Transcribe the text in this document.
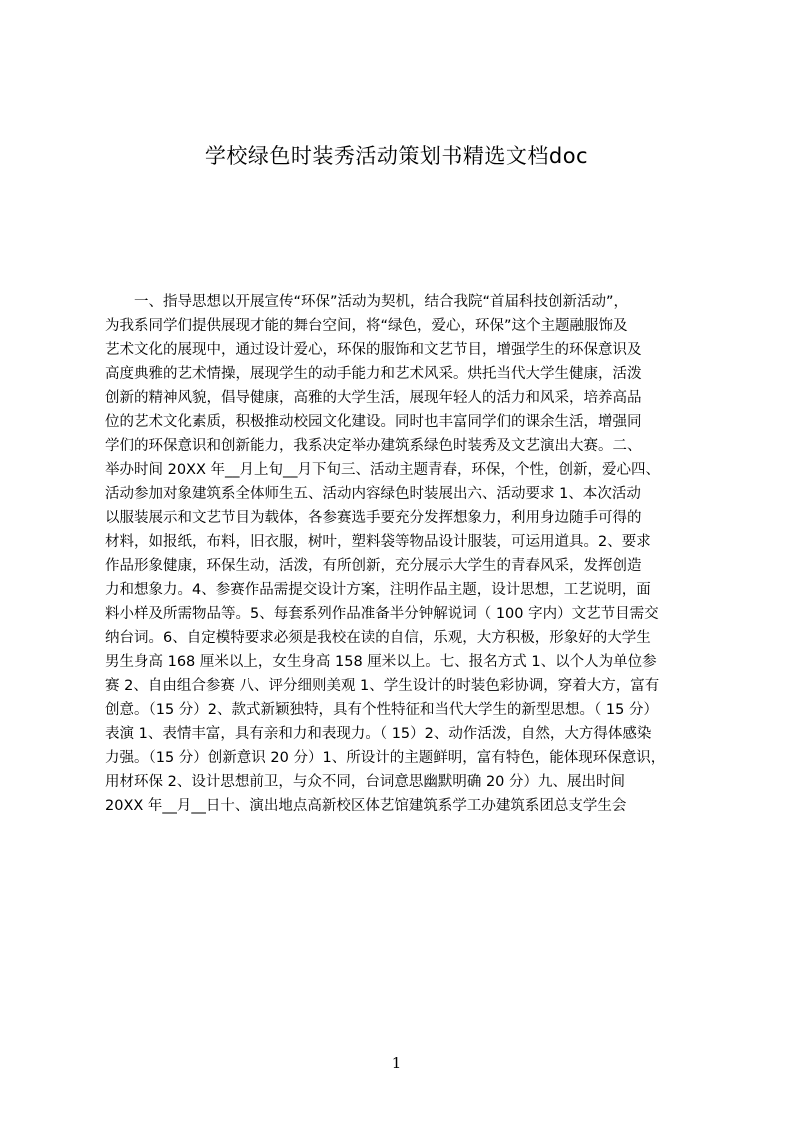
学校绿色时装秀活动策划书精选文档doc
　　一、指导思想以开展宣传“环保”活动为契机，结合我院“首届科技创新活动”，
为我系同学们提供展现才能的舞台空间，将“绿色，爱心，环保”这个主题融服饰及
艺术文化的展现中，通过设计爱心，环保的服饰和文艺节目，增强学生的环保意识及
高度典雅的艺术情操，展现学生的动手能力和艺术风采。烘托当代大学生健康，活泼
创新的精神风貌，倡导健康，高雅的大学生活，展现年轻人的活力和风采，培养高品
位的艺术文化素质，积极推动校园文化建设。同时也丰富同学们的课余生活，增强同
学们的环保意识和创新能力，我系决定举办建筑系绿色时装秀及文艺演出大赛。二、
举办时间 20XX 年__月上旬__月下旬三、活动主题青春，环保，个性，创新，爱心四、
活动参加对象建筑系全体师生五、活动内容绿色时装展出六、活动要求 1、本次活动
以服装展示和文艺节目为载体，各参赛选手要充分发挥想象力，利用身边随手可得的
材料，如报纸，布料，旧衣服，树叶，塑料袋等物品设计服装，可运用道具。2、要求
作品形象健康，环保生动，活泼，有所创新，充分展示大学生的青春风采，发挥创造
力和想象力。4、参赛作品需提交设计方案，注明作品主题，设计思想，工艺说明，面
料小样及所需物品等。5、每套系列作品准备半分钟解说词（ 100 字内）文艺节目需交
纳台词。6、自定模特要求必须是我校在读的自信，乐观，大方积极，形象好的大学生
男生身高 168 厘米以上，女生身高 158 厘米以上。七、报名方式 1、以个人为单位参
赛 2、自由组合参赛 八、评分细则美观 1、学生设计的时装色彩协调，穿着大方，富有
创意。（15 分）2、款式新颖独特，具有个性特征和当代大学生的新型思想。（ 15 分）
表演 1、表情丰富，具有亲和力和表现力。（ 15）2、动作活泼，自然，大方得体感染
力强。（15 分）创新意识 20 分）1、所设计的主题鲜明，富有特色，能体现环保意识，
用材环保 2、设计思想前卫，与众不同，台词意思幽默明确 20 分）九、展出时间
20XX 年__月__日十、演出地点高新校区体艺馆建筑系学工办建筑系团总支学生会
1
